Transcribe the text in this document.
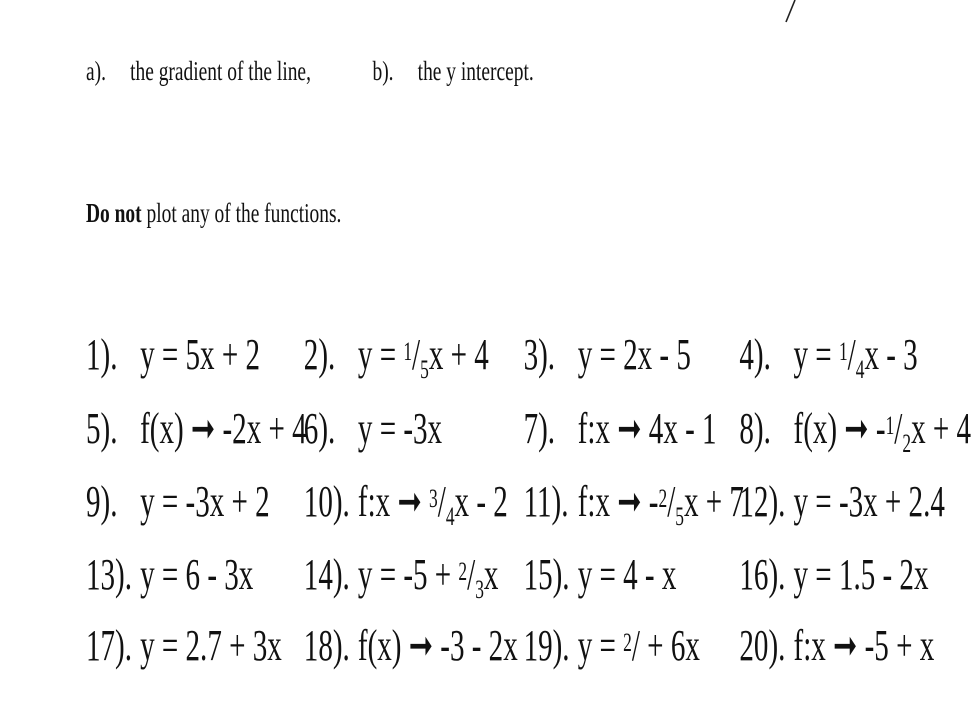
a). the gradient of the line, b). the y intercept.
Do not plot any of the functions.
1). y = 5x + 2 2). $y = ^1/_5x + 4$ 3). y = 2x - 5 4). $y = ^1/_4x - 3$
5). f(x) ➞ -2x + 4
6). y = -3x 7). f:x ➞ 4x - 1 8). f(x) ➞ $-^1/_2x + 4$
9). y = -3x + 2 10). f:x ➞ $^3/_4x - 2$ 11). f:x ➞ $-^2/_5x + 7$
12). y = -3x + 2.4
13). y = 6 - 3x 14). $y = -5 + ^2/_3x$ 15). y = 4 - x 16). y = 1.5 - 2x
17). y = 2.7 + 3x 18). f(x) ➞ -3 - 2x 19). y = $^2$/ + 6x 20). f:x ➞ -5 + x
